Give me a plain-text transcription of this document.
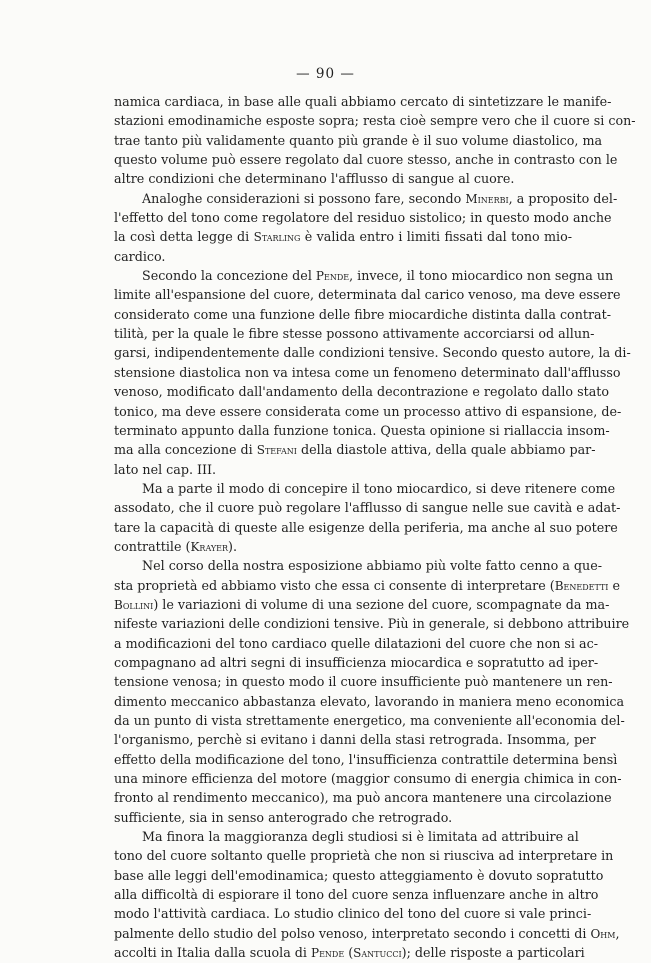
— 90 —
namica cardiaca, in base alle quali abbiamo cercato di sintetizzare le manife-
stazioni emodinamiche esposte sopra; resta cioè sempre vero che il cuore si con-
trae tanto più validamente quanto più grande è il suo volume diastolico, ma
questo volume può essere regolato dal cuore stesso, anche in contrasto con le
altre condizioni che determinano l'afflusso di sangue al cuore.
Analoghe considerazioni si possono fare, secondo Minerbi, a proposito del-
l'effetto del tono come regolatore del residuo sistolico; in questo modo anche
la così detta legge di Starling è valida entro i limiti fissati dal tono mio-
cardico.
Secondo la concezione del Pende, invece, il tono miocardico non segna un
limite all'espansione del cuore, determinata dal carico venoso, ma deve essere
considerato come una funzione delle fibre miocardiche distinta dalla contrat-
tilità, per la quale le fibre stesse possono attivamente accorciarsi od allun-
garsi, indipendentemente dalle condizioni tensive. Secondo questo autore, la di-
stensione diastolica non va intesa come un fenomeno determinato dall'afflusso
venoso, modificato dall'andamento della decontrazione e regolato dallo stato
tonico, ma deve essere considerata come un processo attivo di espansione, de-
terminato appunto dalla funzione tonica. Questa opinione si riallaccia insom-
ma alla concezione di Stefani della diastole attiva, della quale abbiamo par-
lato nel cap. III.
Ma a parte il modo di concepire il tono miocardico, si deve ritenere come
assodato, che il cuore può regolare l'afflusso di sangue nelle sue cavità e adat-
tare la capacità di queste alle esigenze della periferia, ma anche al suo potere
contrattile (Krayer).
Nel corso della nostra esposizione abbiamo più volte fatto cenno a que-
sta proprietà ed abbiamo visto che essa ci consente di interpretare (Benedetti e
Bollini) le variazioni di volume di una sezione del cuore, scompagnate da ma-
nifeste variazioni delle condizioni tensive. Più in generale, si debbono attribuire
a modificazioni del tono cardiaco quelle dilatazioni del cuore che non si ac-
compagnano ad altri segni di insufficienza miocardica e sopratutto ad iper-
tensione venosa; in questo modo il cuore insufficiente può mantenere un ren-
dimento meccanico abbastanza elevato, lavorando in maniera meno economica
da un punto di vista strettamente energetico, ma conveniente all'economia del-
l'organismo, perchè si evitano i danni della stasi retrograda. Insomma, per
effetto della modificazione del tono, l'insufficienza contrattile determina bensì
una minore efficienza del motore (maggior consumo di energia chimica in con-
fronto al rendimento meccanico), ma può ancora mantenere una circolazione
sufficiente, sia in senso anterogrado che retrogrado.
Ma finora la maggioranza degli studiosi si è limitata ad attribuire al
tono del cuore soltanto quelle proprietà che non si riusciva ad interpretare in
base alle leggi dell'emodinamica; questo atteggiamento è dovuto sopratutto
alla difficoltà di espiorare il tono del cuore senza influenzare anche in altro
modo l'attività cardiaca. Lo studio clinico del tono del cuore si vale princi-
palmente dello studio del polso venoso, interpretato secondo i concetti di Ohm,
accolti in Italia dalla scuola di Pende (Santucci); delle risposte a particolari
